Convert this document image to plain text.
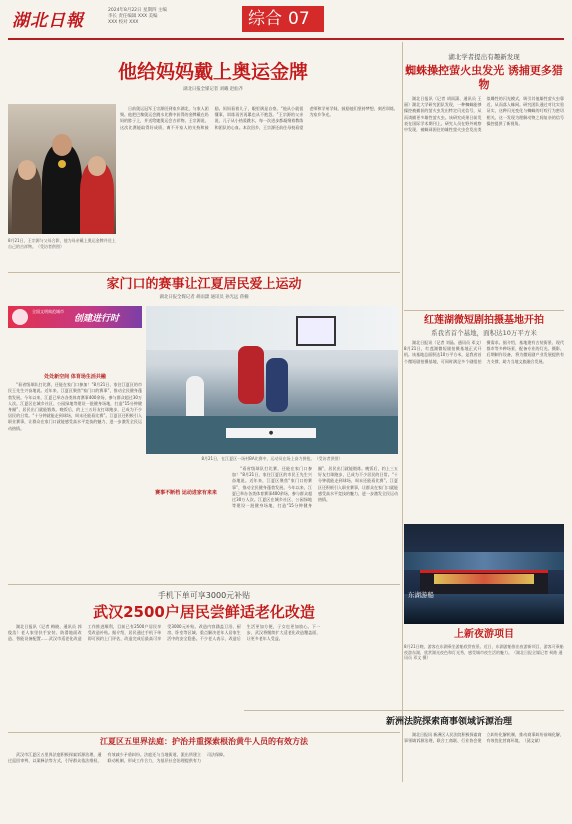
湖北日報
2024年8月22日 星期四 主编 李长 责任编辑 XXX 美编 XXX 校对 XXX	综合 07
他给妈妈戴上奥运金牌
湖北日报全媒记者 刘曦 赵仙齐
8月21日，王宗源与父母合影，他为母亲戴上奥运金牌并送上自己的吉祥物。（受访者供图）

日前奥运冠军王宗源回到家乡湖北，与家人团聚。他把巴黎奥运会跳水比赛中获得的金牌戴在妈妈的脖子上，并送给她奥运会吉祥物。王宗源说，这次比赛能取得好成绩，离不开家人的支持和鼓励。妈妈看着儿子，眼里满是自豪。“他从小就很懂事，训练再苦再累也从不抱怨。”王宗源的父亲说，儿子从小热爱跳水，每一次进步都凝聚着教练和团队的心血。本次回乡，王宗源还前往母校看望老师和学弟学妹，鼓励他们坚持梦想、刻苦训练，为家乡争光。

家门口的赛事让江夏居民爱上运动
湖北日报全媒记者 胡雨潇 通讯员 孙光远 蒋楠
全国文明典范城市
创建进行时
处处新空间 体育场生活共融

“看省级球队打比赛，还能在家门口参加！”8月21日，家住江夏区的市民王先生兴奋地说。近年来，江夏区聚焦“家门口的赛事”，推动全民健身蓬勃发展。今年以来，江夏已举办各类体育赛事400余场，参与群众超过30万人次。江夏区在城乡社区、公园绿地等建设一批健身场地，打造“15分钟健身圈”，居民出门就能锻炼。晚饭后，约上三五好友打球跑步，已成为不少居民的日常。“十分钟就能走到球场，周末还能看比赛”。江夏区还积极引入职业赛事，让群众在家门口就能感受高水平竞技的魅力，进一步激发全民运动热情。

●
8月21日，在江夏区一场村BA比赛中，运动员在场上奋力拼抢。（受访者供图）
赛事不断档 运动进家有来来

“看省级球队打比赛，还能在家门口参加！”8月21日，家住江夏区的市民王先生兴奋地说。近年来，江夏区聚焦“家门口的赛事”，推动全民健身蓬勃发展。今年以来，江夏已举办各类体育赛事400余场，参与群众超过30万人次。江夏区在城乡社区、公园绿地等建设一批健身场地，打造“15分钟健身圈”，居民出门就能锻炼。晚饭后，约上三五好友打球跑步，已成为不少居民的日常。“十分钟就能走到球场，周末还能看比赛”。江夏区还积极引入职业赛事，让群众在家门口就能感受高水平竞技的魅力，进一步激发全民运动热情。

手机下单可享3000元补贴
武汉2500户居民尝鲜适老化改造

湖北日报讯（记者 梅晓、通讯员 郭俊浩）老人家里扶手安装、防滑地面改造、智能设备配置……武汉市适老化改造工作推进顺利，目前已有2500户居民享受改造补贴。据介绍，居民通过手机下单即可预约上门评估，改造完成后最高可享受3000元补贴。改造内容涵盖卫浴、厨房、卧室等区域，重点解决老年人居家生活中的安全隐患。不少老人表示，改造后生活更加方便，子女也更加放心。下一步，武汉将继续扩大适老化改造覆盖面，让更多老年人受益。

江夏区五里界法庭：护治并重探索根治黄牛人员的有效方法

武汉市江夏区五里界法庭积极探索诉源治理，通过巡回审判、以案释法等方式，引导群众依法维权，有效减少矛盾纠纷。法庭还与当地街道、派出所建立联动机制，形成工作合力，为基层社会治理提供有力司法保障。

湖北学者提出有趣新发现
蜘蛛操控萤火虫发光 诱捕更多猎物

湖北日报讯（记者 胡雨潇、通讯员 王丽）湖北大学研究团队发现，一种蜘蛛能够操控被捕获的萤火虫发出特定闪光信号，从而诱捕更多雄性萤火虫。该研究成果日前发表在国际学术期刊上。研究人员在野外观察中发现，被蛛网困住的雄性萤火虫会发出类似雌性的闪光模式，吸引其他雄性萤火虫靠近，从而落入蛛网。研究团队通过对比实验证实，这种闪光变化与蜘蛛的叮咬行为密切相关。这一发现为理解动物之间复杂的信号操控提供了新视角。

红莲湖微短剧拍摄基地开拍
系我省首个基地，面积达10万平方米

湖北日报讯（记者 刘晶、通讯员 邓文）8月21日，红莲湖微短剧拍摄基地正式开机。该基地总面积达10万平方米，是我省首个微短剧拍摄基地，可同时满足多个剧组拍摄需求。据介绍，基地建有古装街景、现代都市等多种场景，配备专业的灯光、摄影、后期制作设备，将为微短剧产业发展提供有力支撑，助力当地文旅融合发展。

东湖游船
上新夜游项目
8月21日晚，游客在东湖乘坐游船欣赏夜景。近日，东湖游船推出夜游新项目，游客可乘船夜游东湖，欣赏湖光夜色和灯光秀，感受城市夜生活的魅力。（湖北日报全媒记者 柯皓 通讯员 邓文 摄）
新洲法院探索商事领域诉源治理

湖北日报讯 新洲区人民法院积极探索商事领域诉源治理，联合工商联、行业协会建立纠纷化解机制，推动商事纠纷前端化解，有效优化营商环境。（邱文斌）
